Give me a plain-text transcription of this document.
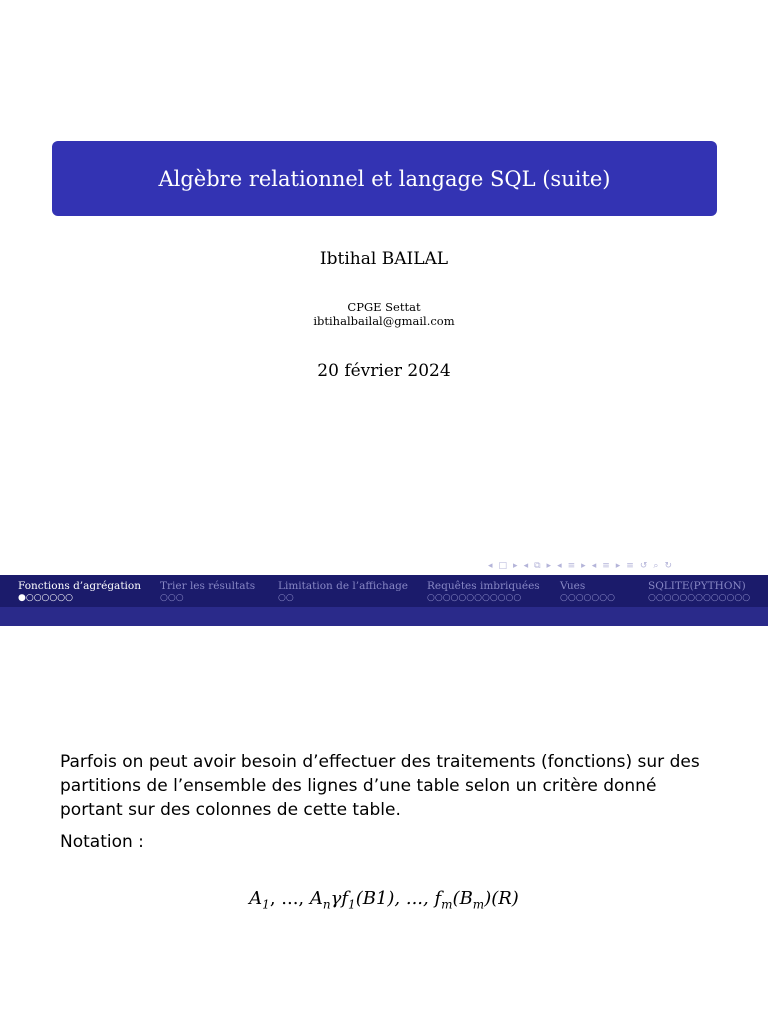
Algèbre relationnel et langage SQL (suite)
Ibtihal BAILAL
CPGE Settat
ibtihalbailal@gmail.com
20 février 2024
◂ □ ▸ ◂ ⧉ ▸ ◂ ≡ ▸ ◂ ≡ ▸ ≡ ↺ ⌕ ↻
Fonctions d’agrégation
●○○○○○○
Trier les résultats
○○○
Limitation de l’affichage
○○
Requêtes imbriquées
○○○○○○○○○○○○
Vues
○○○○○○○
SQLITE(PYTHON)
○○○○○○○○○○○○○
Parfois on peut avoir besoin d’effectuer des traitements (fonctions) sur des partitions de l’ensemble des lignes d’une table selon un critère donné portant sur des colonnes de cette table.
Notation :
$A_1$, ..., $A_n\gamma f_1(B1)$, ..., $f_m(B_m)(R)$
